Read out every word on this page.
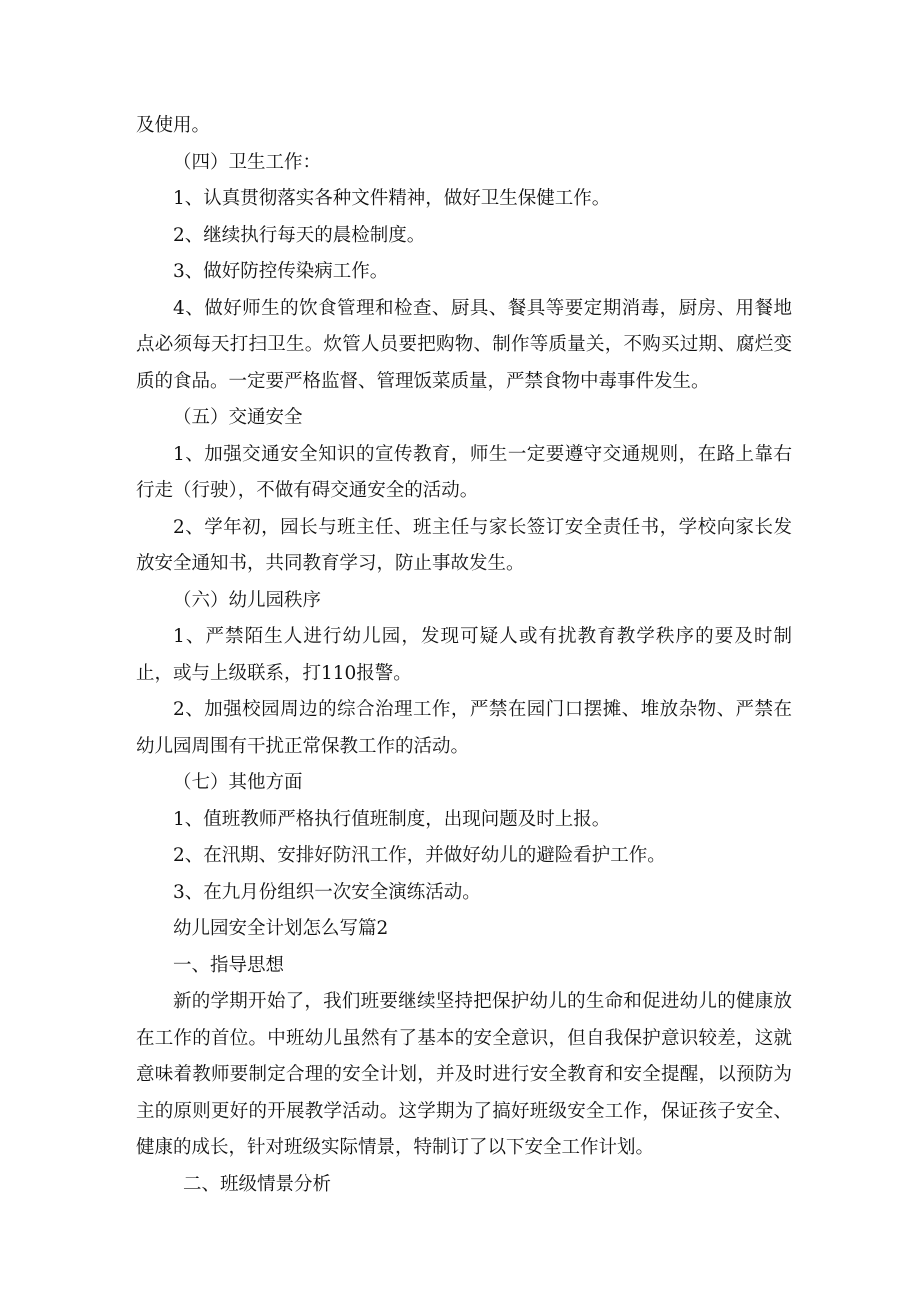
及使用。

（四）卫生工作：

1、认真贯彻落实各种文件精神，做好卫生保健工作。

2、继续执行每天的晨检制度。

3、做好防控传染病工作。

4、做好师生的饮食管理和检查、厨具、餐具等要定期消毒，厨房、用餐地点必须每天打扫卫生。炊管人员要把购物、制作等质量关，不购买过期、腐烂变质的食品。一定要严格监督、管理饭菜质量，严禁食物中毒事件发生。

（五）交通安全

1、加强交通安全知识的宣传教育，师生一定要遵守交通规则，在路上靠右行走（行驶），不做有碍交通安全的活动。

2、学年初，园长与班主任、班主任与家长签订安全责任书，学校向家长发放安全通知书，共同教育学习，防止事故发生。

（六）幼儿园秩序

1、严禁陌生人进行幼儿园，发现可疑人或有扰教育教学秩序的要及时制止，或与上级联系，打110报警。

2、加强校园周边的综合治理工作，严禁在园门口摆摊、堆放杂物、严禁在幼儿园周围有干扰正常保教工作的活动。

（七）其他方面

1、值班教师严格执行值班制度，出现问题及时上报。

2、在汛期、安排好防汛工作，并做好幼儿的避险看护工作。

3、在九月份组织一次安全演练活动。

幼儿园安全计划怎么写篇2

一、指导思想

新的学期开始了，我们班要继续坚持把保护幼儿的生命和促进幼儿的健康放在工作的首位。中班幼儿虽然有了基本的安全意识，但自我保护意识较差，这就意味着教师要制定合理的安全计划，并及时进行安全教育和安全提醒，以预防为主的原则更好的开展教学活动。这学期为了搞好班级安全工作，保证孩子安全、健康的成长，针对班级实际情景，特制订了以下安全工作计划。

二、班级情景分析
